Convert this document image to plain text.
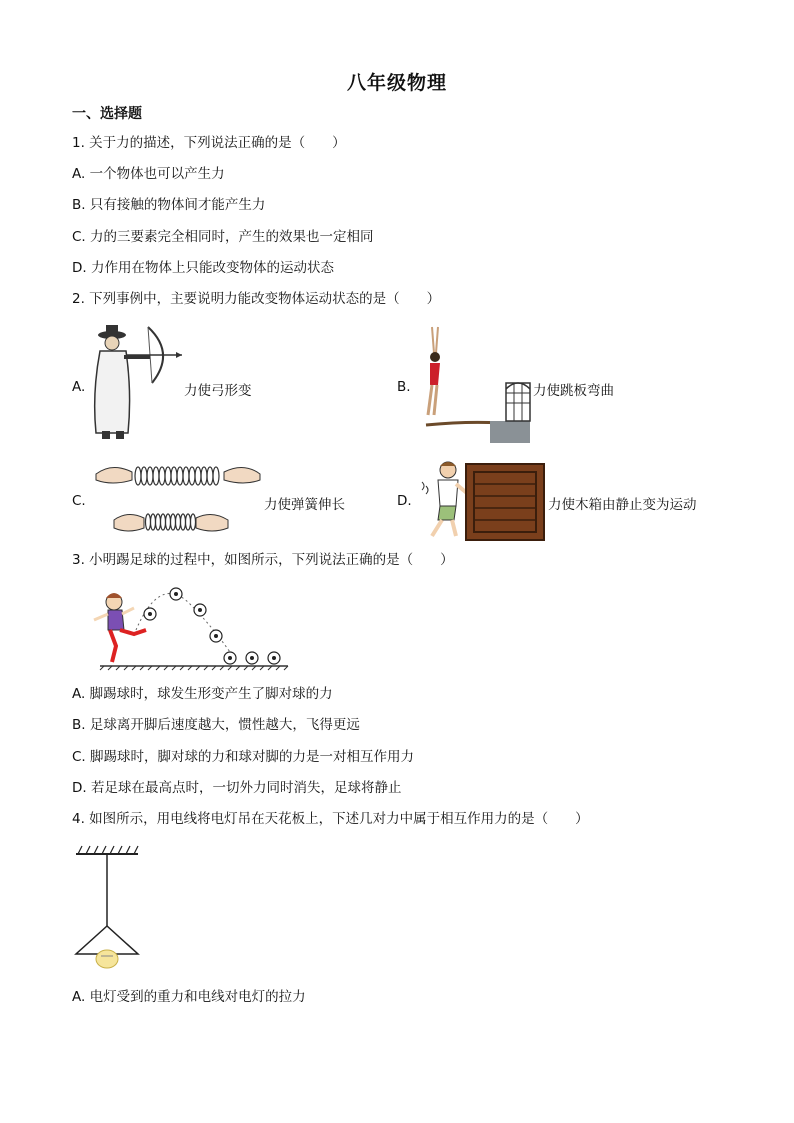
八年级物理
一、选择题
1. 关于力的描述，下列说法正确的是（　　）
A. 一个物体也可以产生力
B. 只有接触的物体间才能产生力
C. 力的三要素完全相同时，产生的效果也一定相同
D. 力作用在物体上只能改变物体的运动状态
2. 下列事例中，主要说明力能改变物体运动状态的是（　　）
A.	力使弓形变	B.	力使跳板弯曲
C.	力使弹簧伸长	D.	力使木箱由静止变为运动
3. 小明踢足球的过程中，如图所示，下列说法正确的是（　　）
A. 脚踢球时，球发生形变产生了脚对球的力
B. 足球离开脚后速度越大，惯性越大，飞得更远
C. 脚踢球时，脚对球的力和球对脚的力是一对相互作用力
D. 若足球在最高点时，一切外力同时消失，足球将静止
4. 如图所示，用电线将电灯吊在天花板上，下述几对力中属于相互作用力的是（　　）
A. 电灯受到的重力和电线对电灯的拉力
